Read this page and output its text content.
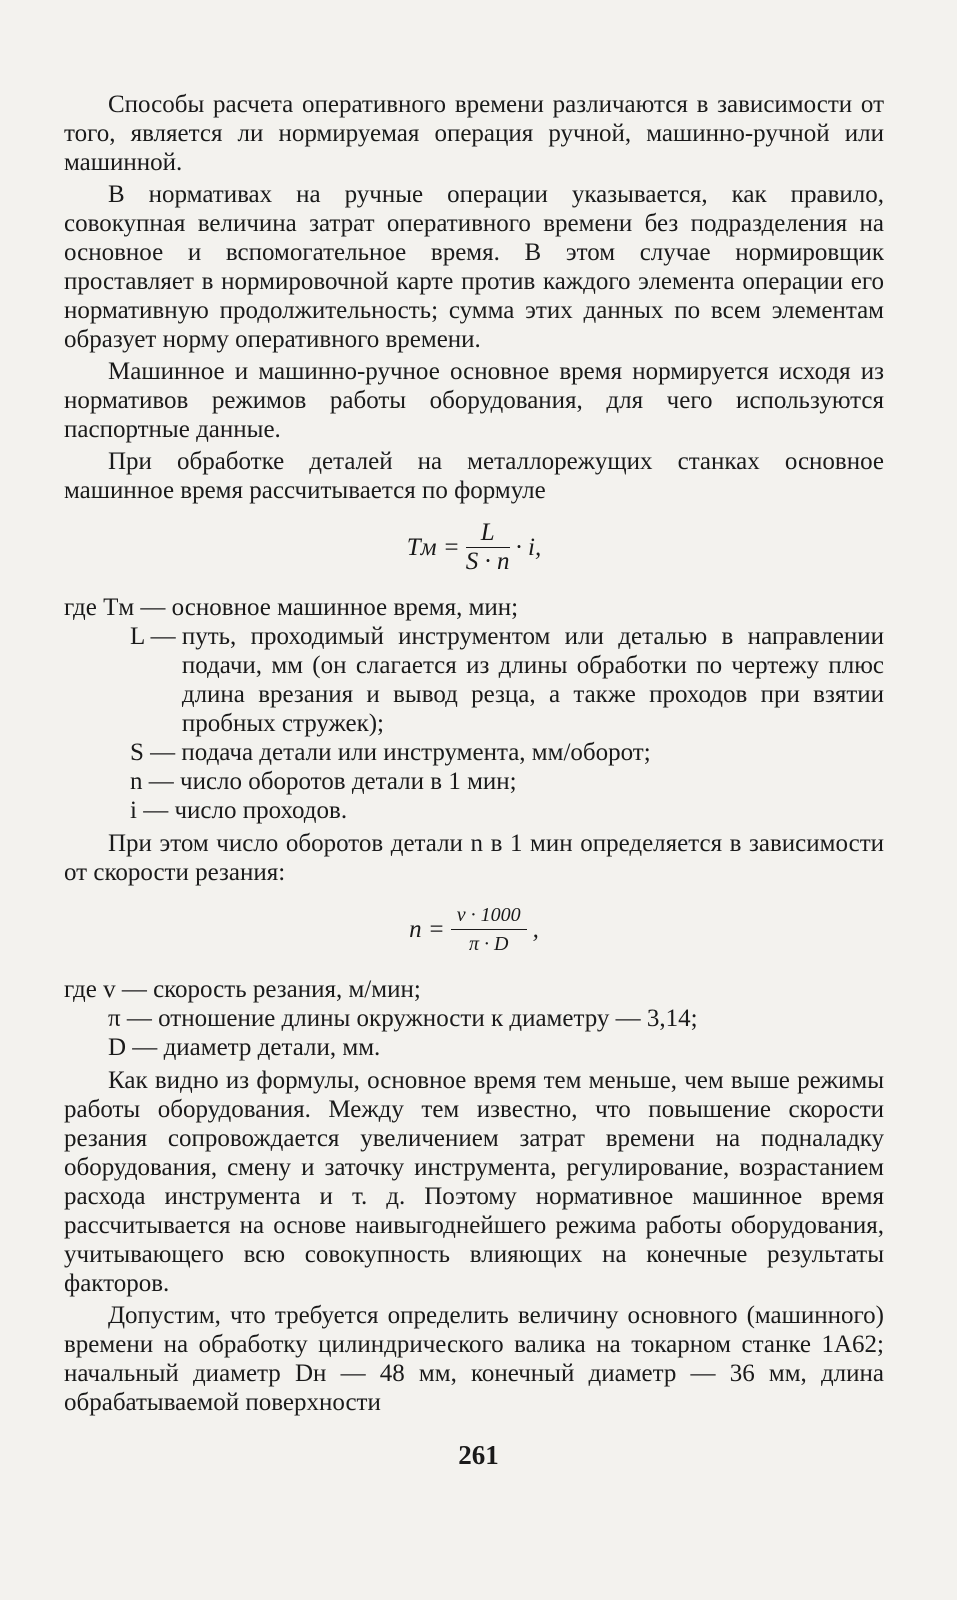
Способы расчета оперативного времени различаются в зависимости от того, является ли нормируемая операция ручной, машинно-ручной или машинной.

В нормативах на ручные операции указывается, как правило, совокупная величина затрат оперативного времени без подразделения на основное и вспомогательное время. В этом случае нормировщик проставляет в нормировочной карте против каждого элемента операции его нормативную продолжительность; сумма этих данных по всем элементам образует норму оперативного времени.

Машинное и машинно-ручное основное время нормируется исходя из нормативов режимов работы оборудования, для чего используются паспортные данные.

При обработке деталей на металлорежущих станках основное машинное время рассчитывается по формуле

Tм = $\frac{L}{S \cdot n} \cdot i$,
где Tм — основное машинное время, мин;
L — путь, проходимый инструментом или деталью в направлении подачи, мм (он слагается из длины обработки по чертежу плюс длина врезания и вывод резца, а также проходов при взятии пробных стружек);
S — подача детали или инструмента, мм/оборот;
n — число оборотов детали в 1 мин;
i — число проходов.

При этом число оборотов детали n в 1 мин определяется в зависимости от скорости резания:

$n = \frac{v \cdot 1000}{\pi \cdot D}$ ,
где v — скорость резания, м/мин;
π — отношение длины окружности к диаметру — 3,14;
D — диаметр детали, мм.

Как видно из формулы, основное время тем меньше, чем выше режимы работы оборудования. Между тем известно, что повышение скорости резания сопровождается увеличением затрат времени на подналадку оборудования, смену и заточку инструмента, регулирование, возрастанием расхода инструмента и т. д. Поэтому нормативное машинное время рассчитывается на основе наивыгоднейшего режима работы оборудования, учитывающего всю совокупность влияющих на конечные результаты факторов.

Допустим, что требуется определить величину основного (машинного) времени на обработку цилиндрического валика на токарном станке 1А62; начальный диаметр Dн — 48 мм, конечный диаметр — 36 мм, длина обрабатываемой поверхности

261
